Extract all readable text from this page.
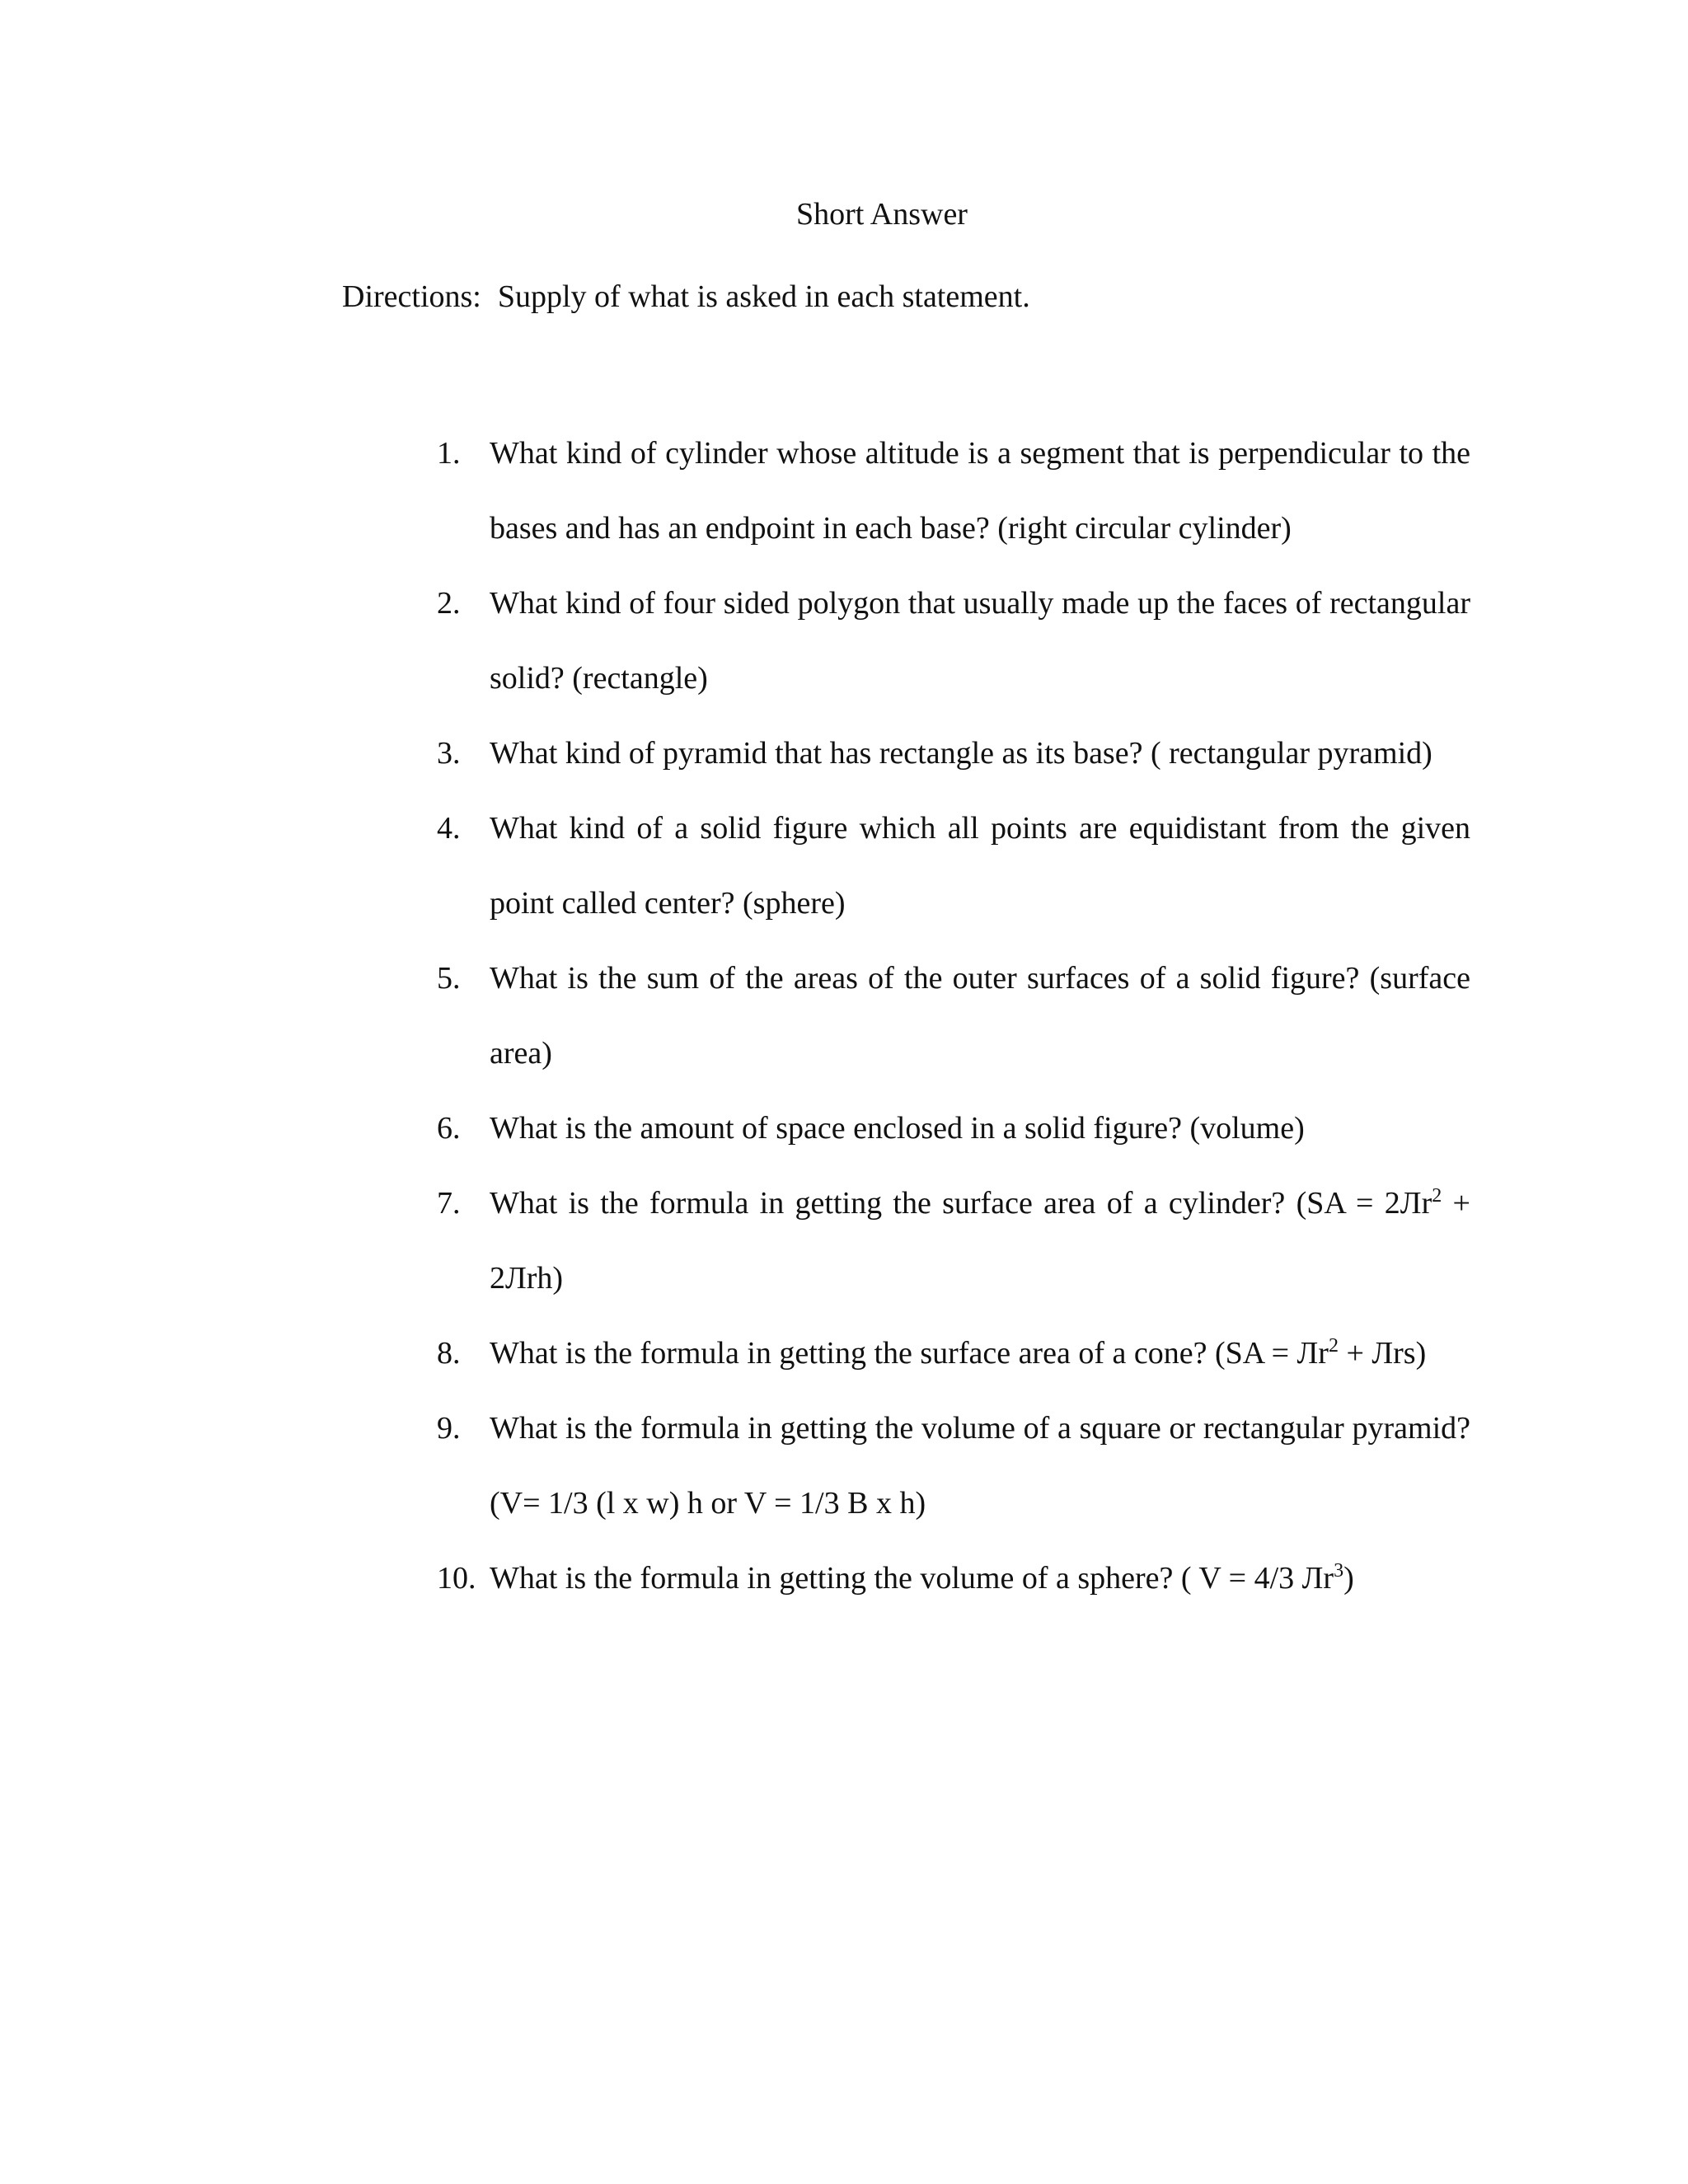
Short Answer
Directions: Supply of what is asked in each statement.
1. What kind of cylinder whose altitude is a segment that is perpendicular to the bases and has an endpoint in each base? (right circular cylinder)
2. What kind of four sided polygon that usually made up the faces of rectangular solid? (rectangle)
3. What kind of pyramid that has rectangle as its base? ( rectangular pyramid)
4. What kind of a solid figure which all points are equidistant from the given point called center? (sphere)
5. What is the sum of the areas of the outer surfaces of a solid figure? (surface area)
6. What is the amount of space enclosed in a solid figure? (volume)
7. What is the formula in getting the surface area of a cylinder? $(SA = 2Лr^2 + 2Лrh)$
8. What is the formula in getting the surface area of a cone? $(SA = Лr^2 + Лrs)$
9. What is the formula in getting the volume of a square or rectangular pyramid? (V= 1/3 (l x w) h or V = 1/3 B x h)
10. What is the formula in getting the volume of a sphere? ( V = 4/3 $Лr^3$)
